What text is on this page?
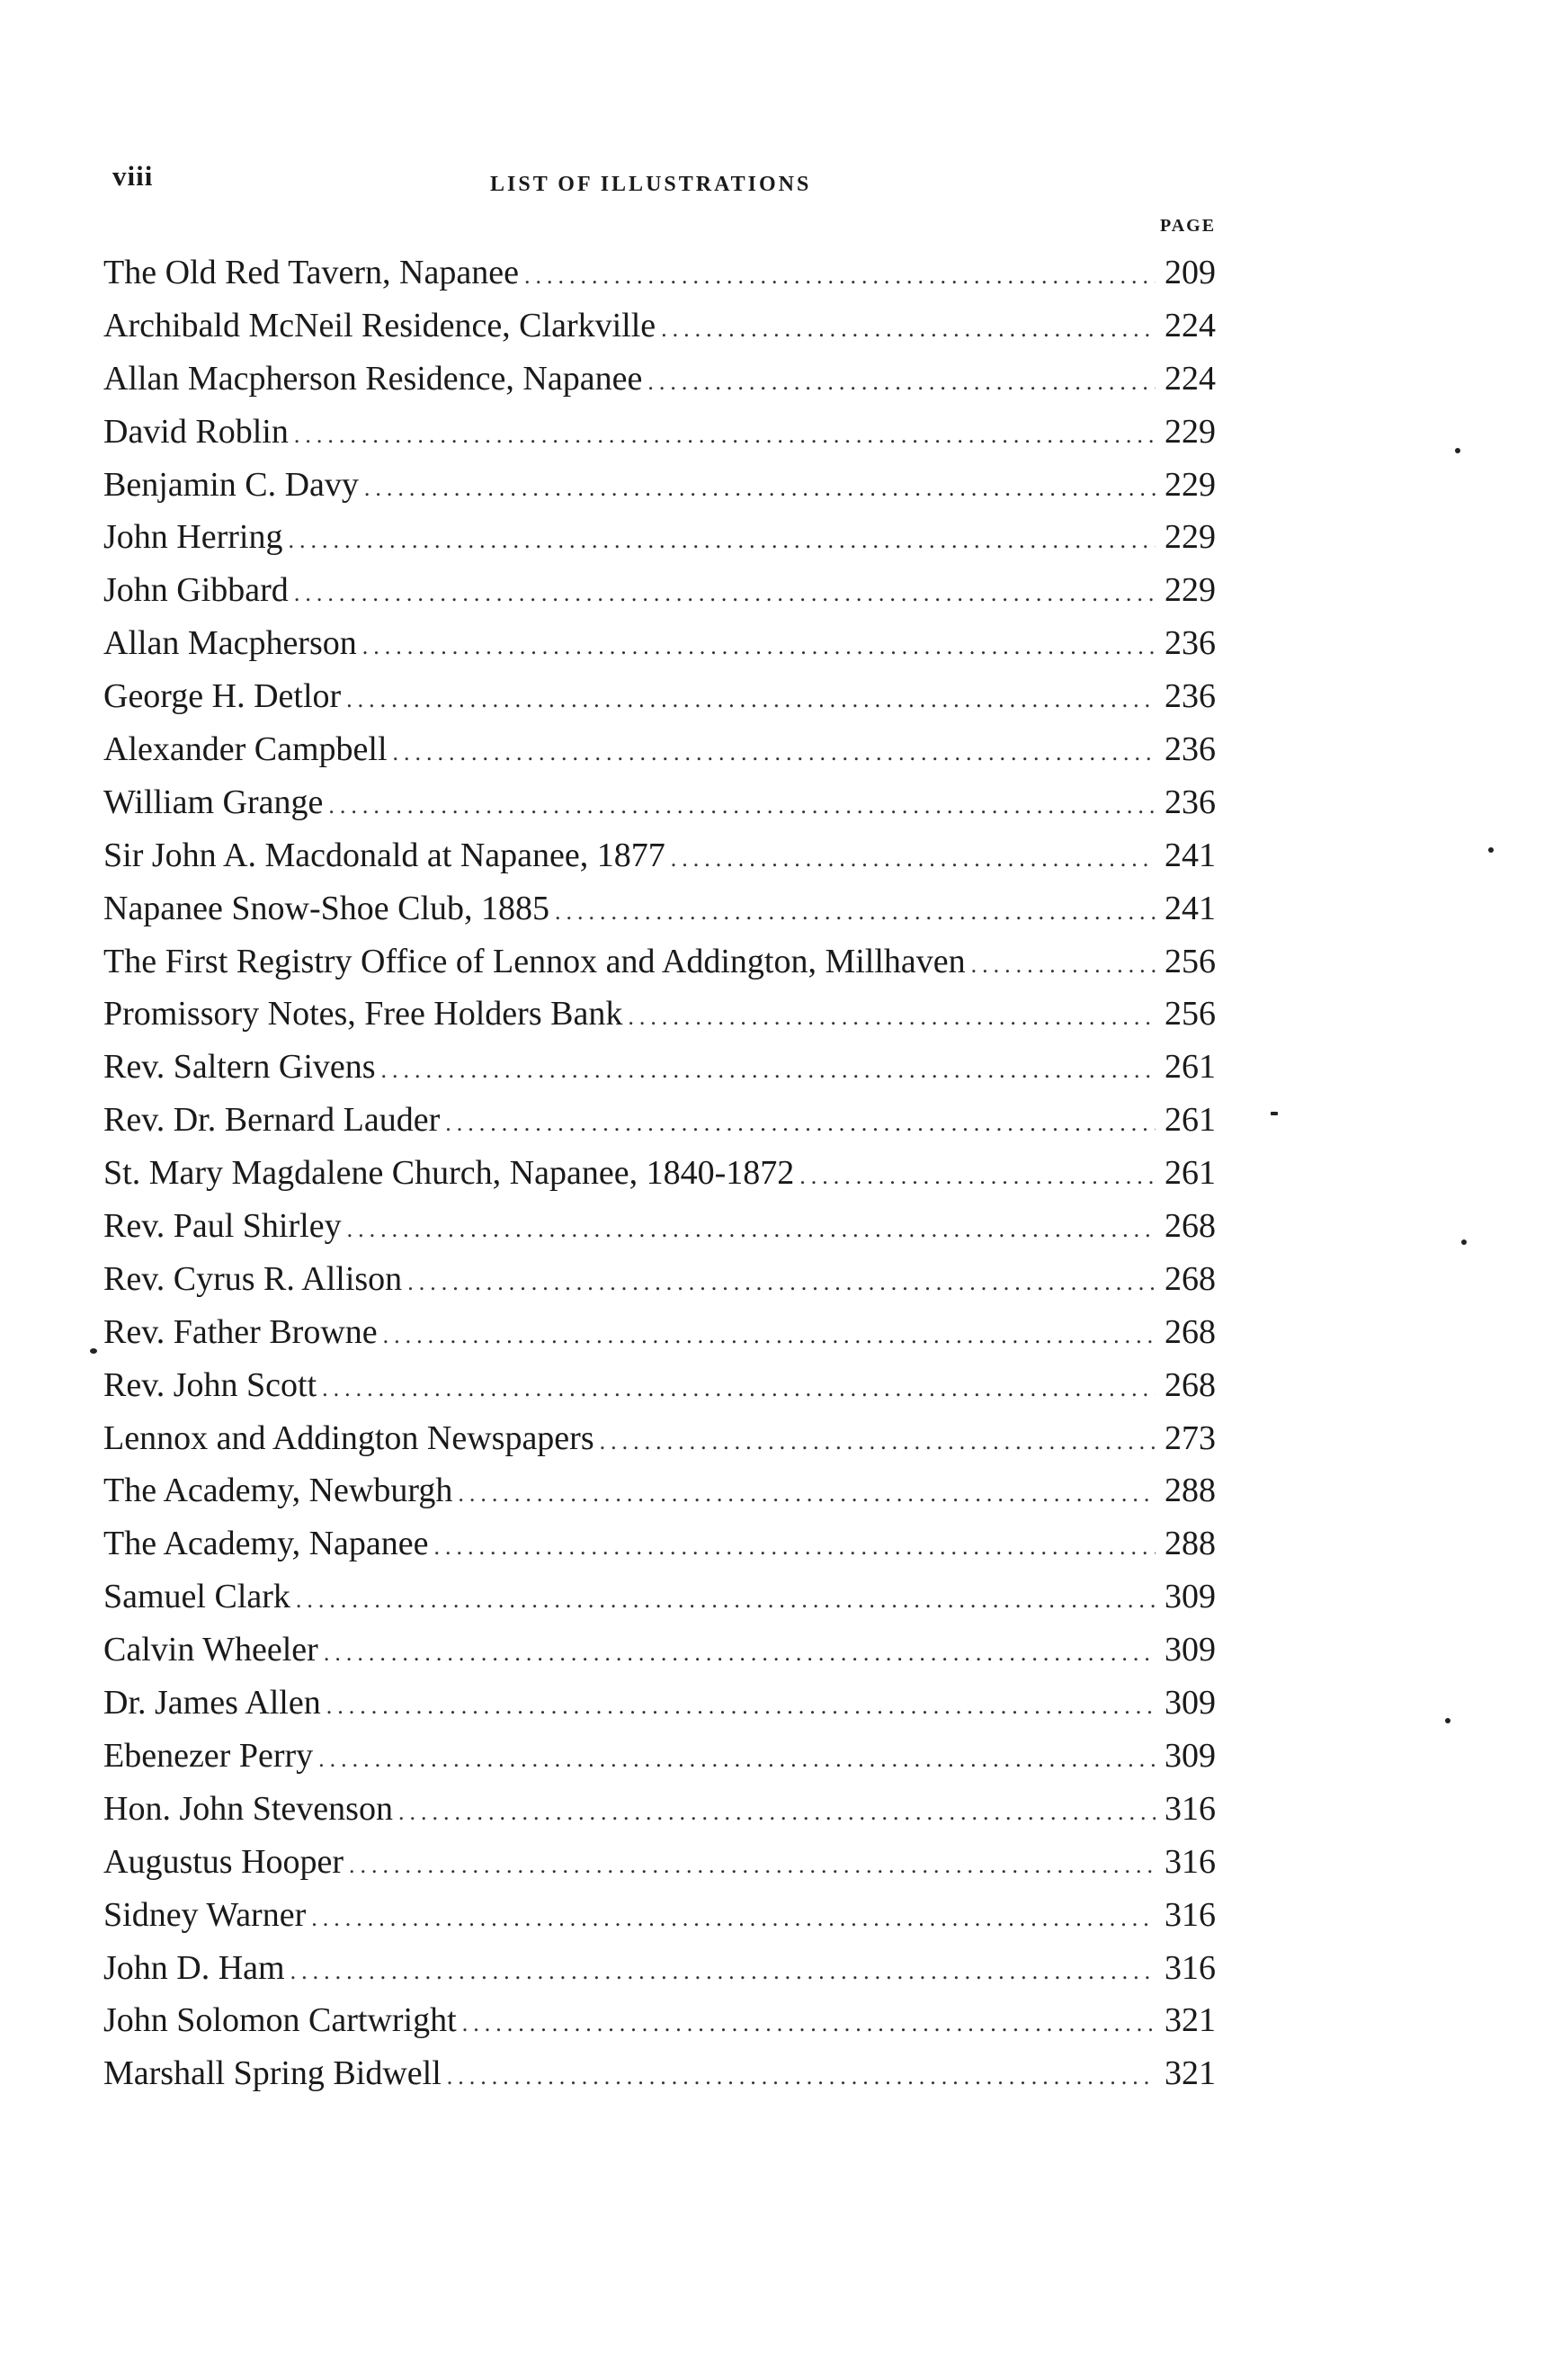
viii	LIST OF ILLUSTRATIONS
PAGE
The Old Red Tavern, Napanee .....	209
Archibald McNeil Residence, Clarkville .....	224
Allan Macpherson Residence, Napanee .....	224
David Roblin .....	229
Benjamin C. Davy .....	229
John Herring .....	229
John Gibbard .....	229
Allan Macpherson .....	236
George H. Detlor .....	236
Alexander Campbell .....	236
William Grange .....	236
Sir John A. Macdonald at Napanee, 1877 .....	241
Napanee Snow-Shoe Club, 1885 .....	241
The First Registry Office of Lennox and Addington, Millhaven .....	256
Promissory Notes, Free Holders Bank .....	256
Rev. Saltern Givens .....	261
Rev. Dr. Bernard Lauder .....	261
St. Mary Magdalene Church, Napanee, 1840-1872 .....	261
Rev. Paul Shirley .....	268
Rev. Cyrus R. Allison .....	268
Rev. Father Browne .....	268
Rev. John Scott .....	268
Lennox and Addington Newspapers .....	273
The Academy, Newburgh .....	288
The Academy, Napanee .....	288
Samuel Clark .....	309
Calvin Wheeler .....	309
Dr. James Allen .....	309
Ebenezer Perry .....	309
Hon. John Stevenson .....	316
Augustus Hooper .....	316
Sidney Warner .....	316
John D. Ham .....	316
John Solomon Cartwright .....	321
Marshall Spring Bidwell .....	321
